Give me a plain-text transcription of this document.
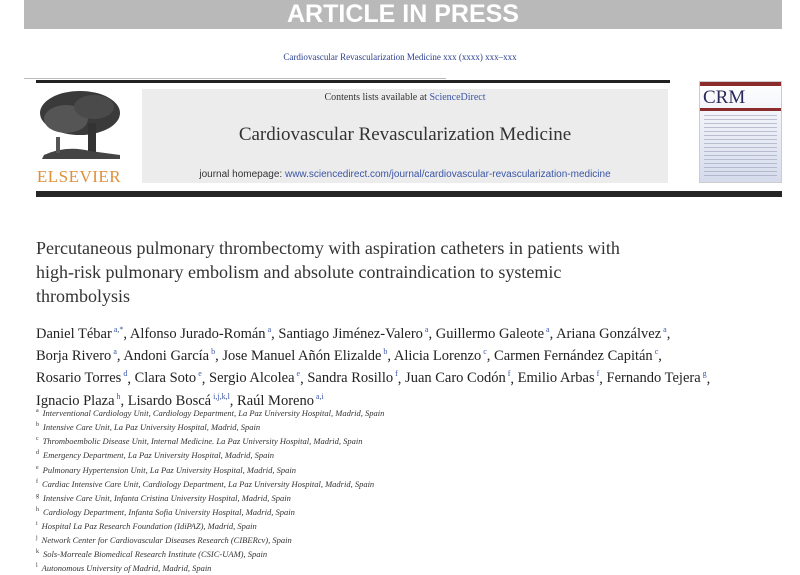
ARTICLE IN PRESS
Cardiovascular Revascularization Medicine xxx (xxxx) xxx–xxx
ELSEVIER
Contents lists available at ScienceDirect
Cardiovascular Revascularization Medicine
journal homepage: www.sciencedirect.com/journal/cardiovascular-revascularization-medicine
CRM
Percutaneous pulmonary thrombectomy with aspiration catheters in patients with high-risk pulmonary embolism and absolute contraindication to systemic thrombolysis
Daniel Tébar $^{a,*}$, Alfonso Jurado-Román $^a$, Santiago Jiménez-Valero $^a$, Guillermo Galeote $^a$, Ariana Gonzálvez $^a$,
Borja Rivero $^a$, Andoni García $^b$, Jose Manuel Añón Elizalde $^b$, Alicia Lorenzo $^c$, Carmen Fernández Capitán $^c$,
Rosario Torres $^d$, Clara Soto $^e$, Sergio Alcolea $^e$, Sandra Rosillo $^f$, Juan Caro Codón $^f$, Emilio Arbas $^f$, Fernando Tejera $^g$,
Ignacio Plaza $^h$, Lisardo Boscá $^{i,j,k,l}$, Raúl Moreno $^{a,i}$
$^a$ Interventional Cardiology Unit, Cardiology Department, La Paz University Hospital, Madrid, Spain
$^b$ Intensive Care Unit, La Paz University Hospital, Madrid, Spain
$^c$ Thromboembolic Disease Unit, Internal Medicine. La Paz University Hospital, Madrid, Spain
$^d$ Emergency Department, La Paz University Hospital, Madrid, Spain
$^e$ Pulmonary Hypertension Unit, La Paz University Hospital, Madrid, Spain
$^f$ Cardiac Intensive Care Unit, Cardiology Department, La Paz University Hospital, Madrid, Spain
$^g$ Intensive Care Unit, Infanta Cristina University Hospital, Madrid, Spain
$^h$ Cardiology Department, Infanta Sofia University Hospital, Madrid, Spain
$^i$ Hospital La Paz Research Foundation (IdiPAZ), Madrid, Spain
$^j$ Network Center for Cardiovascular Diseases Research (CIBERcv), Spain
$^k$ Sols-Morreale Biomedical Research Institute (CSIC-UAM), Spain
$^l$ Autonomous University of Madrid, Madrid, Spain
